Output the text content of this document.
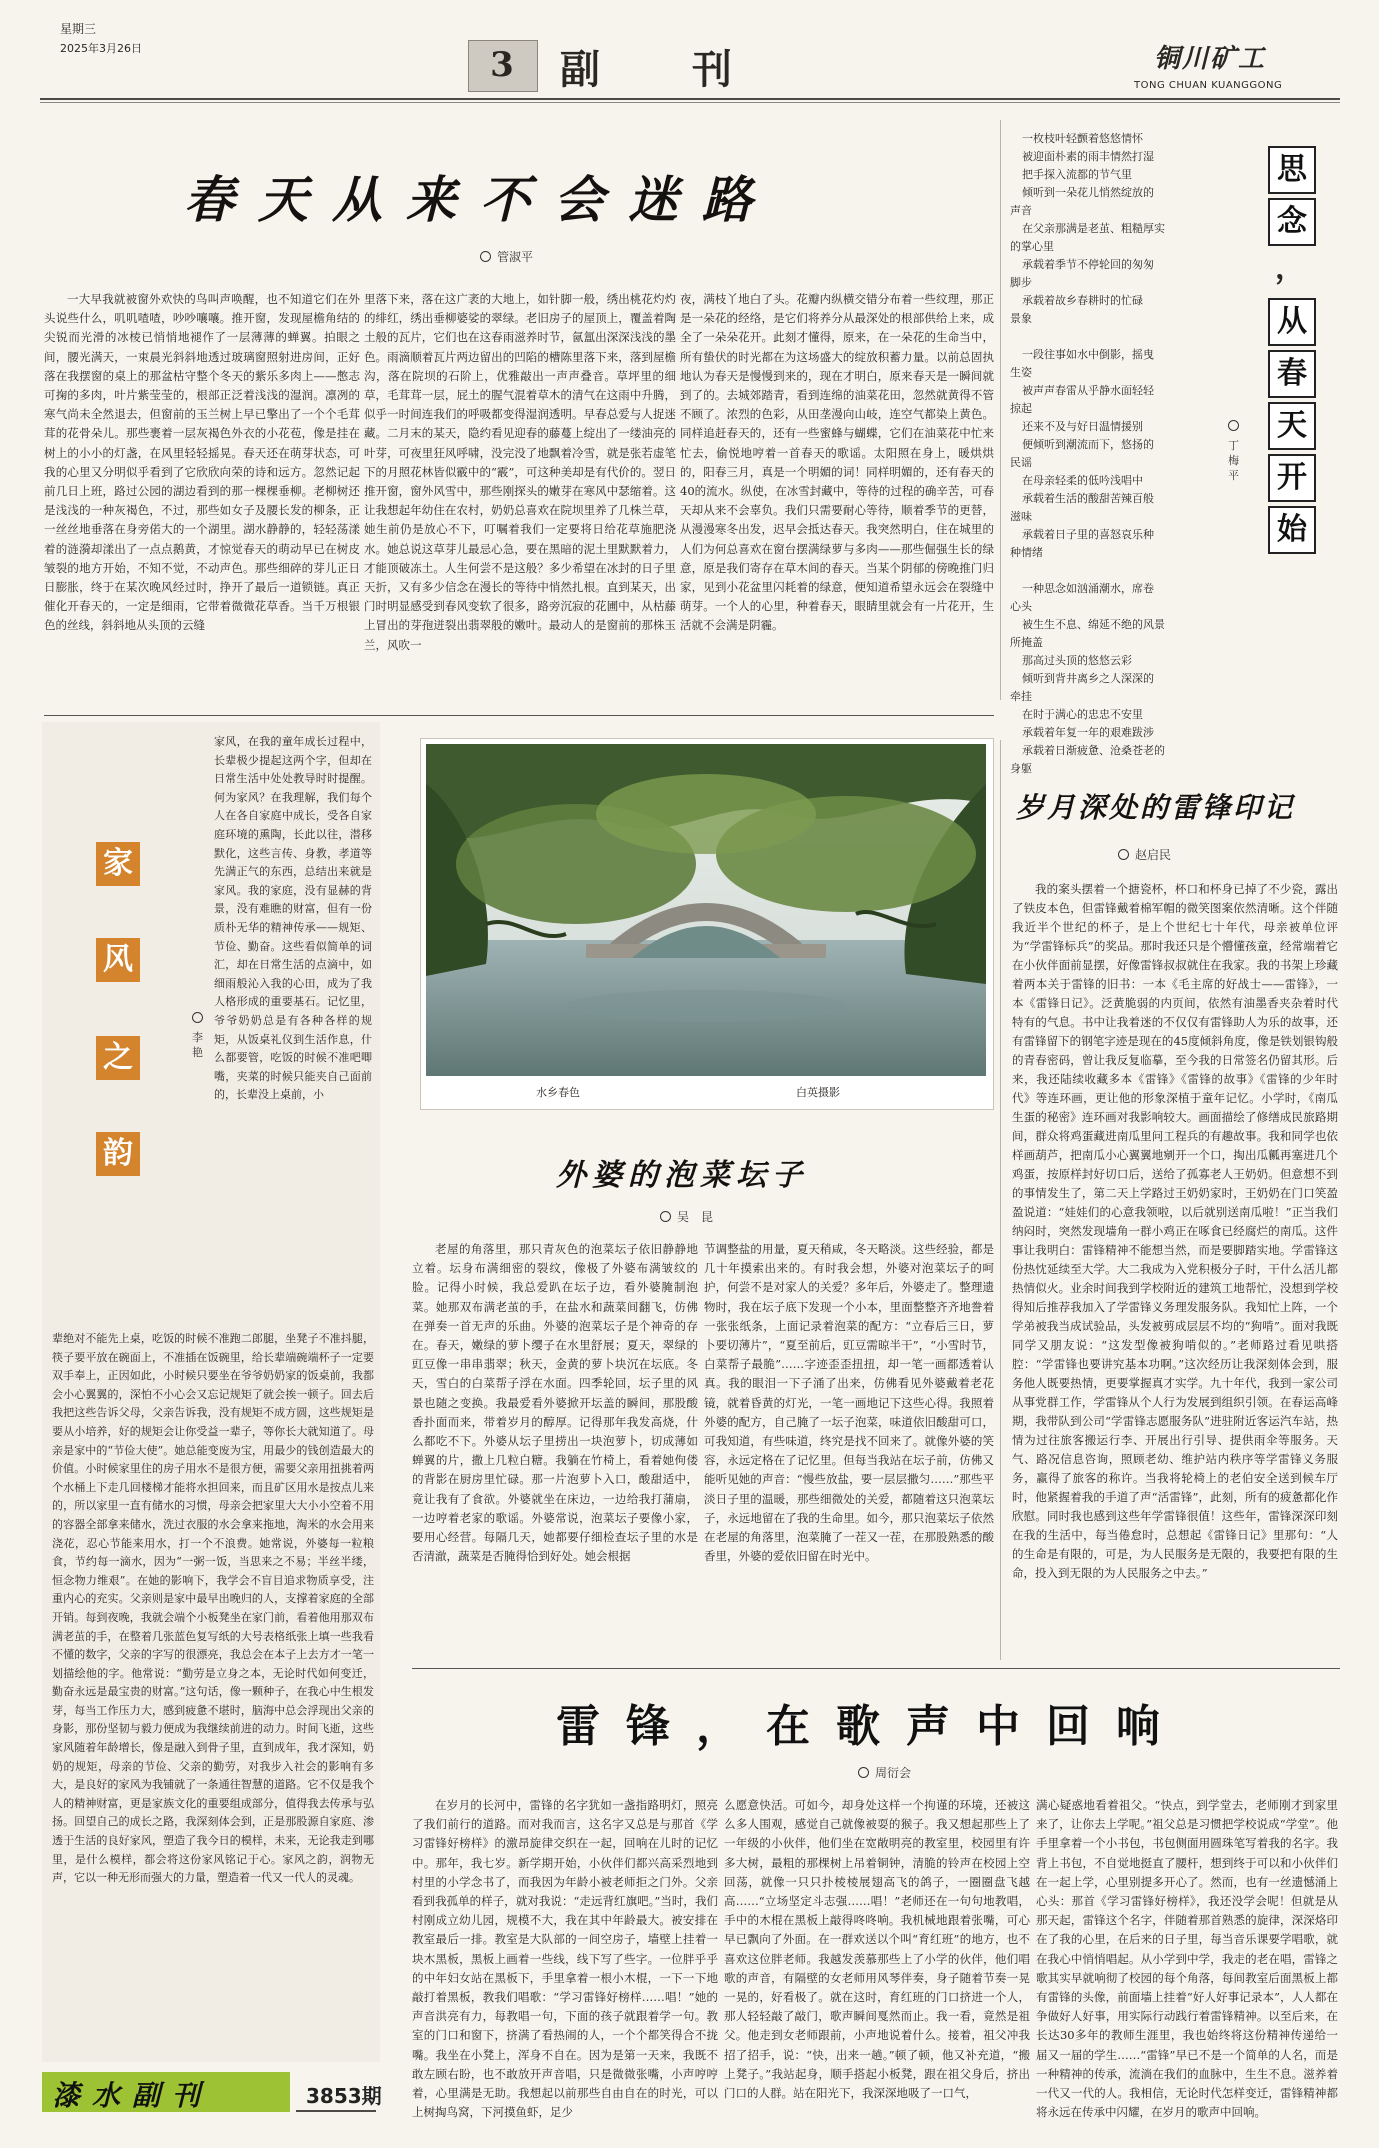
星期三
2025年3月26日	3	副　刊	铜川矿工
TONG CHUAN KUANGGONG
春天从来不会迷路
管淑平
一大早我就被窗外欢快的鸟叫声唤醒，也不知道它们在外头说些什么，叽叽喳喳，吵吵嚷嚷。推开窗，发现屋檐角结的尖锐而光滑的冰棱已悄悄地褪作了一层薄薄的蝉翼。拍眼之间，腰光满天，一束晨光斜斜地透过玻璃窗照射进房间，正好落在我摆窗的桌上的那盆枯守整个冬天的紫乐多肉上——憋志可掬的多肉，叶片紫莹莹的，根部正泛着浅浅的湿润。凛冽的寒气尚未全然退去，但窗前的玉兰树上早已擎出了一个个毛茸茸的花骨朵儿。那些裹着一层灰褐色外衣的小花苞，像是挂在树上的小小的灯盏，在风里轻轻摇晃。春天还在萌芽状态，可我的心里又分明似乎看到了它欣欣向荣的诗和远方。忽然记起前几日上班，路过公园的湖边看到的那一棵棵垂柳。老柳树还是浅浅的一种灰褐色，不过，那些如女子及腰长发的柳条，正一丝丝地垂落在身旁偌大的一个湖里。湖水静静的，轻轻荡漾着的涟漪却漾出了一点点鹅黄，才惊觉春天的萌动早已在树皮皱裂的地方开始，不知不觉，不动声色。那些细碎的芽儿正日日膨胀，终于在某次晚风经过时，挣开了最后一道锁链。真正催化开春天的，一定是细雨，它带着微微花草香。当千万根银色的丝线，斜斜地从头顶的云缝
里落下来，落在这广袤的大地上，如针脚一般，绣出桃花灼灼的绯红，绣出垂柳婆娑的翠绿。老旧房子的屋顶上，覆盖着陶土般的瓦片，它们也在这春雨滋养时节，氤氲出深深浅浅的墨色。雨滴顺着瓦片两边留出的凹陷的槽陈里落下来，落到屋檐沟，落在院坝的石阶上，优雅敲出一声声叠音。草坪里的细草，毛茸茸一层，屁土的腥气混着草木的清气在这雨中升腾，似乎一时间连我们的呼吸都变得湿润透明。早春总爱与人捉迷藏。二月末的某天，隐约看见迎春的藤蔓上绽出了一缕油亮的叶芽，可夜里狂风呼啸，没完没了地飘着冷雪，就是张若虚笔下的月照花林皆似霰中的“霰”，可这种美却是有代价的。翌日推开窗，窗外风雪中，那些刚探头的嫩芽在寒风中瑟缩着。这让我想起年幼住在农村，奶奶总喜欢在院坝里养了几株兰草，她生前仍是放心不下，叮嘱着我们一定要将日给花草施肥浇水。她总说这草芽儿最忌心急，要在黑暗的泥土里默默着力，才能顶破冻土。人生何尝不是这般？多少希望在冰封的日子里天折，又有多少信念在漫长的等待中悄然扎根。直到某天，出门时明显感受到春风变软了很多，路旁沉寂的花圃中，从枯藤上冒出的芽孢迸裂出翡翠般的嫩叶。最动人的是窗前的那株玉兰，风吹一
夜，满枝丫地白了头。花瓣内纵横交错分布着一些纹理，那正是一朵花的经络，是它们将养分从最深处的根部供给上来，成全了一朵朵花开。此刻才懂得，原来，在一朵花的生命当中，所有蛰伏的时光都在为这场盛大的绽放积蓄力量。以前总固执地认为春天是慢慢到来的，现在才明白，原来春天是一瞬间就到了的。去城郊踏青，看到连绵的油菜花田，忽然就黄得不管不顾了。浓烈的色彩，从田垄漫向山岐，连空气都染上黄色。同样追赶春天的，还有一些蜜蜂与蝴蝶，它们在油菜花中忙来忙去，偷悦地哼着一首春天的歌谣。太阳照在身上，暖烘烘的，阳春三月，真是一个明媚的词！同样明媚的，还有春天的40的流水。纵使，在冰雪封藏中，等待的过程的确辛苦，可春天却从来不会辜负。我们只需要耐心等待，顺着季节的更替，从漫漫寒冬出发，迟早会抵达春天。我突然明白，住在城里的人们为何总喜欢在窗台摆满绿萝与多肉——那些倔强生长的绿意，原是我们寄存在草木间的春天。当某个阴郁的傍晚推门归家，见到小花盆里闪耗着的绿意，便知道希望永远会在裂缝中萌芽。一个人的心里，种着春天，眼睛里就会有一片花开，生活就不会满是阴霾。
一枚枝叶轻颤着悠悠情怀
被迎面朴素的雨丰情然打湿
把手探入流都的节气里
倾听到一朵花儿悄然绽放的
声音
在父亲那满是老茧、粗糙厚实
的掌心里
承载着季节不停轮回的匆匆
脚步
承载着故乡春耕时的忙碌
景象

一段往事如水中倒影，摇曳
生姿
被声声春雷从乎静水面轻轻
掠起
还来不及与好日温情援别
便倾听到潮流而下，悠扬的
民谣
在母亲轻柔的低吟浅唱中
承载着生活的酸甜苦辣百般
滋味
承载着日子里的喜怒哀乐种
种情绪

一种思念如汹涌潮水，席卷
心头
被生生不息、绵延不绝的风景
所掩盖
那高过头顶的悠悠云彩
倾听到背井离乡之人深深的
牵挂
在时于满心的忠忠不安里
承载着年复一年的艰难跋涉
承载着日渐疲惫、沧桑苍老的
身躯
丁梅平
李　艳
家风，在我的童年成长过程中，长辈极少提起这两个字，但却在日常生活中处处教导时时提醒。何为家风？在我理解，我们每个人在各自家庭中成长，受各自家庭环境的熏陶，长此以往，潜移默化，这些言传、身教，孝道等先满正气的东西，总结出来就是家风。我的家庭，没有显赫的背景，没有难瞧的财富，但有一份质朴无华的精神传承——规矩、节俭、勤奋。这些看似简单的词汇，却在日常生活的点滴中，如细雨般沁入我的心田，成为了我人格形成的重要基石。记忆里，爷爷奶奶总是有各种各样的规矩，从饭桌礼仪到生活作息，什么都要管，吃饭的时候不准吧唧嘴，夹菜的时候只能夹自己面前的，长辈没上桌前，小
辈绝对不能先上桌，吃饭的时候不准跑二郎腿，坐凳子不准抖腿，筷子要平放在碗面上，不准插在饭碗里，给长辈端碗端杯子一定要双手奉上，正因如此，小时候只要坐在爷爷奶奶家的饭桌前，我都会小心翼翼的，深怕不小心会又忘记规矩了就会挨一顿子。回去后我把这些告诉父母，父亲告诉我，没有规矩不成方圆，这些规矩是要从小培养，好的规矩会让你受益一辈子，等你长大就知道了。母亲是家中的“节俭大使”。她总能变废为宝，用最少的钱创造最大的价值。小时候家里住的房子用水不是很方便，需要父亲用扭挑着两个水桶上下走几回楼梯才能将水担回来，而且矿区用水是按点儿来的，所以家里一直有储水的习惯，母亲会把家里大大小小空着不用的容器全部拿来储水，洗过衣服的水会拿来拖地，淘米的水会用来浇花，忍心节能来用水，打一个不浪费。她常说，外婆每一粒粮食，节约每一滴水，因为“一粥一饭，当思来之不易；半丝半缕，恒念物力维艰”。在她的影响下，我学会不盲目追求物质享受，注重内心的充实。父亲则是家中最早出晚归的人，支撑着家庭的全部开销。每到夜晚，我就会端个小板凳坐在家门前，看着他用那双布满老茧的手，在整着几张蓝色复写纸的大号表格纸张上填一些我看不懂的数字，父亲的字写的很漂亮，我总会在本子上去方才一笔一划描绘他的字。他常说：“勤劳是立身之本，无论时代如何变迁，勤奋永远是最宝贵的财富。”这句话，像一颗种子，在我心中生根发芽，每当工作压力大，感到疲惫不堪时，脑海中总会浮现出父亲的身影，那份坚韧与毅力便成为我继续前进的动力。时间飞逝，这些家风随着年龄增长，像是融入到骨子里，直到成年，我才深知，奶奶的规矩，母亲的节俭、父亲的勤劳，对我步入社会的影响有多大，是良好的家风为我铺就了一条通往智慧的道路。它不仅是我个人的精神财富，更是家族文化的重要组成部分，值得我去传承与弘扬。回望自己的成长之路，我深刻体会到，正是那股源自家庭、渗透于生活的良好家风，塑造了我今日的模样，未来，无论我走到哪里，是什么模样，都会将这份家风铭记于心。家风之韵，润物无声，它以一种无形而强大的力量，塑造着一代又一代人的灵魂。
水乡春色	白英摄影
外婆的泡菜坛子
吴　昆
老屋的角落里，那只青灰色的泡菜坛子依旧静静地立着。坛身布满细密的裂纹，像极了外婆布满皱纹的脸。记得小时候，我总爱趴在坛子边，看外婆腌制泡菜。她那双布满老茧的手，在盐水和蔬菜间翻飞，仿佛在弹奏一首无声的乐曲。外婆的泡菜坛子是个神奇的存在。春天，嫩绿的萝卜缨子在水里舒展；夏天，翠绿的豇豆像一串串翡翠；秋天，金黄的萝卜块沉在坛底。冬天，雪白的白菜帮子浮在水面。四季轮回，坛子里的风景也随之变换。我最爱看外婆掀开坛盖的瞬间，那股酸香扑面而来，带着岁月的醇厚。记得那年我发高烧，什么都吃不下。外婆从坛子里捞出一块泡萝卜，切成薄如蝉翼的片，撒上几粒白糖。我躺在竹椅上，看着她佝偻的背影在厨房里忙碌。那一片泡萝卜入口，酸甜适中，竟让我有了食欲。外婆就坐在床边，一边给我打蒲扇，一边哼着老家的歌谣。外婆常说，泡菜坛子要像小家，要用心经营。每隔几天，她都要仔细检查坛子里的水是否清澈，蔬菜是否腌得恰到好处。她会根据
节调整盐的用量，夏天稍咸，冬天略淡。这些经验，都是几十年摸索出来的。有时我会想，外婆对泡菜坛子的呵护，何尝不是对家人的关爱？多年后，外婆走了。整理遗物时，我在坛子底下发现一个小本，里面整整齐齐地誊着一张张纸条，上面记录着泡菜的配方：“立春后三日，萝卜要切薄片”，“夏至前后，豇豆需晾半干”，“小雪时节，白菜帮子最脆”……字迹歪歪扭扭，却一笔一画都透着认真。我的眼泪一下子涌了出来，仿佛看见外婆戴着老花镜，就着昏黄的灯光，一笔一画地记下这些心得。我照着外婆的配方，自己腌了一坛子泡菜，味道依旧酸甜可口，可我知道，有些味道，终究是找不回来了。就像外婆的笑容，永远定格在了记忆里。但每当我站在坛子前，仿佛又能听见她的声音：“慢些放盐，要一层层撒匀……”那些平淡日子里的温暖，那些细微处的关爱，都随着这只泡菜坛子，永远地留在了我的生命里。如今，那只泡菜坛子依然在老屋的角落里，泡菜腌了一茬又一茬，在那股熟悉的酸香里，外婆的爱依旧留在时光中。
岁月深处的雷锋印记
赵启民
我的案头摆着一个搪瓷杯，杯口和杯身已掉了不少瓷，露出了铁皮本色，但雷锋戴着棉军帽的微笑图案依然清晰。这个伴随我近半个世纪的杯子，是上个世纪七十年代，母亲被单位评为“学雷锋标兵”的奖品。那时我还只是个懵懂孩童，经常端着它在小伙伴面前显摆，好像雷锋叔叔就住在我家。我的书架上珍藏着两本关于雷锋的旧书：一本《毛主席的好战士——雷锋》，一本《雷锋日记》。泛黄脆弱的内页间，依然有油墨香夹杂着时代特有的气息。书中让我着迷的不仅仅有雷锋助人为乐的故事，还有雷锋留下的钢笔字迹是现在的45度倾斜角度，像是铁划银钩般的青春密码，曾让我反复临摹，至今我的日常签名仍留其形。后来，我还陆续收藏多本《雷锋》《雷锋的故事》《雷锋的少年时代》等连环画，更让他的形象深植于童年记忆。小学时，《南瓜生蛋的秘密》连环画对我影响较大。画面描绘了修缮成民旅路期间，群众将鸡蛋藏进南瓜里问工程兵的有趣故事。我和同学也依样画葫芦，把南瓜小心翼翼地剜开一个口，掏出瓜瓤再塞进几个鸡蛋，按原样封好切口后，送给了孤寡老人王奶奶。但意想不到的事情发生了，第二天上学路过王奶奶家时，王奶奶在门口笑盈盈说道：“娃娃们的心意我领啦，以后就别送南瓜啦！”正当我们纳闷时，突然发现墙角一群小鸡正在啄食已经腐烂的南瓜。这件事让我明白：雷锋精神不能想当然，而是要脚踏实地。学雷锋这份热忱延续至大学。大二我成为入党积极分子时，干什么活儿都热情似火。业余时间我到学校附近的建筑工地帮忙，没想到学校得知后推荐我加入了学雷锋义务理发服务队。我知忙上阵，一个学弟被我当成试验品，头发被剪成层层不均的“狗啃”。面对我既同学又朋友说：“这发型像被狗啃似的。”老师路过看见哄搭腔：“学雷锋也要讲究基本功啊。”这次经历让我深刻体会到，服务他人既要热情，更要掌握真才实学。九十年代，我到一家公司从事党群工作，学雷锋从个人行为发展到组织引领。在春运高峰期，我带队到公司“学雷锋志愿服务队”进驻附近客运汽车站，热情为过往旅客搬运行李、开展出行引导、提供雨伞等服务。天气、路况信息咨询，照顾老幼、维护站内秩序等学雷锋义务服务，赢得了旅客的称许。当我将轮椅上的老伯安全送到候车厅时，他紧握着我的手道了声“活雷锋”，此刻，所有的疲惫都化作欣慰。同时我也感到这些年学雷锋很值！这些年，雷锋深深印刻在我的生活中，每当倦怠时，总想起《雷锋日记》里那句：“人的生命是有限的，可是，为人民服务是无限的，我要把有限的生命，投入到无限的为人民服务之中去。”
雷锋，在歌声中回响
周衍会
在岁月的长河中，雷锋的名字犹如一盏指路明灯，照亮了我们前行的道路。而对我而言，这名字又总是与那首《学习雷锋好榜样》的激昂旋律交织在一起，回响在儿时的记忆中。那年，我七岁。新学期开始，小伙伴们都兴高采烈地到村里的小学念书了，而我因为年龄小被老师拒之门外。父亲看到我孤单的样子，就对我说：“走远背红旗吧。”当时，我们村刚成立幼儿园，规模不大，我在其中年龄最大。被安排在教室最后一排。教室是大队部的一间空房子，墙壁上挂着一块木黑板，黑板上画着一些线，线下写了些字。一位胖乎乎的中年妇女站在黑板下，手里拿着一根小木棍，一下一下地敲打着黑板，教我们唱歌：“学习雷锋好榜样……唱！”她的声音洪亮有力，每教唱一句，下面的孩子就跟着学一句。教室的门口和窗下，挤满了看热闹的人，一个个都笑得合不拢嘴。我坐在小凳上，浑身不自在。因为是第一天来，我既不敢左顾右盼，也不敢放开声音唱，只是微微张嘴，小声哼哼着，心里满是无助。我想起以前那些自由自在的时光，可以上树掏鸟窝，下河摸鱼虾，足少
么愿意快活。可如今，却身处这样一个拘谨的环境，还被这么多人围观，感觉自己就像被耍的猴子。我又想起那些上了一年级的小伙伴，他们坐在宽敞明亮的教室里，校园里有许多大树，最粗的那棵树上吊着铜钟，清脆的铃声在校园上空回荡，就像一只只扑棱棱展翅高飞的鸽子，一圈圈盘飞越高……“立场坚定斗志强……唱！”老师还在一句句地教唱，手中的木棍在黑板上敲得咚咚响。我机械地跟着张嘴，可心早已飘向了外面。在一群欢送以个叫“育红班”的地方，也不喜欢这位胖老师。我越发羡慕那些上了小学的伙伴，他们唱歌的声音，有隔壁的女老师用风琴伴奏，身子随着节奏一晃一晃的，好看极了。就在这时，育红班的门口挤进一个人，那人轻轻敲了敲门，歌声瞬间戛然而止。我一看，竟然是祖父。他走到女老师跟前，小声地说着什么。接着，祖父冲我招了招手，说：“快，出来一趟。”顿了顿，他又补充道，“搬上凳子。”我站起身，顺手搭起小板凳，跟在祖父身后，挤出门口的人群。站在阳光下，我深深地吸了一口气，
满心疑惑地看着祖父。“快点，到学堂去，老师刚才到家里来了，让你去上学呢。”祖父总是习惯把学校说成“学堂”。他手里拿着一个小书包，书包侧面用圆珠笔写着我的名字。我背上书包，不自觉地挺直了腰杆，想到终于可以和小伙伴们在一起上学，心里别提多开心了。然而，也有一丝遗憾涌上心头：那首《学习雷锋好榜样》，我还没学会呢！但就是从那天起，雷锋这个名字，伴随着那首熟悉的旋律，深深烙印在了我的心里，在后来的日子里，每当音乐课要学唱歌，就在我心中悄悄唱起。从小学到中学，我走的老在唱，雷锋之歌其实早就响彻了校园的每个角落，每间教室后面黑板上都有雷锋的头像，前面墙上挂着“好人好事记录本”，人人都在争做好人好事，用实际行动践行着雷锋精神。以至后来，在长达30多年的教师生涯里，我也始终将这份精神传递给一届又一届的学生……“雷锋”早已不是一个简单的人名，而是一种精神的传承，流淌在我们的血脉中，生生不息。滋养着一代又一代的人。我相信，无论时代怎样变迁，雷锋精神都将永远在传承中闪耀，在岁月的歌声中回响。
漆水副刊	3853期
思
念
，
从
春
天
开
始
家
风
之
韵
